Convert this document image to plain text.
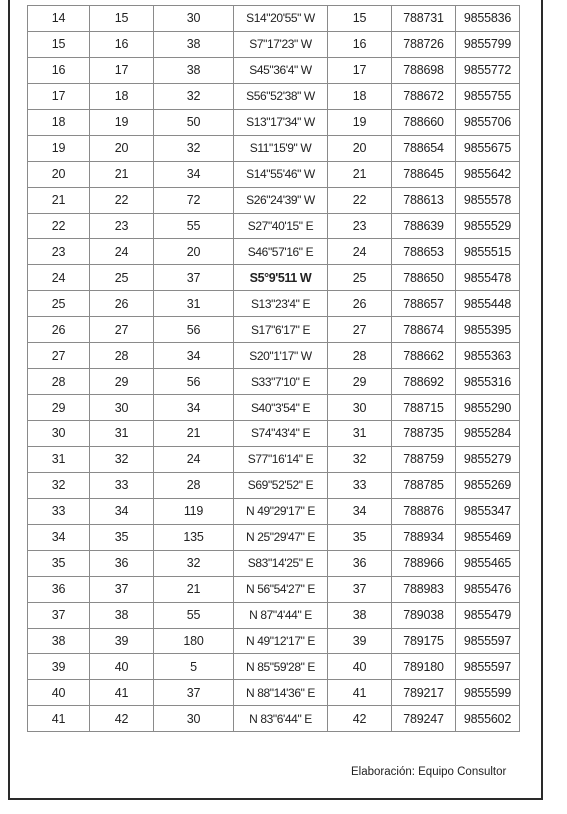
14	15	30	S14"20'55" W	15	788731	9855836
15	16	38	S7"17'23" W	16	788726	9855799
16	17	38	S45"36'4" W	17	788698	9855772
17	18	32	S56"52'38" W	18	788672	9855755
18	19	50	S13"17'34" W	19	788660	9855706
19	20	32	S11"15'9" W	20	788654	9855675
20	21	34	S14"55'46" W	21	788645	9855642
21	22	72	S26"24'39" W	22	788613	9855578
22	23	55	S27"40'15" E	23	788639	9855529
23	24	20	S46"57'16" E	24	788653	9855515
24	25	37	S5°9'511 W	25	788650	9855478
25	26	31	S13"23'4" E	26	788657	9855448
26	27	56	S17"6'17" E	27	788674	9855395
27	28	34	S20"1'17" W	28	788662	9855363
28	29	56	S33"7'10" E	29	788692	9855316
29	30	34	S40"3'54" E	30	788715	9855290
30	31	21	S74"43'4" E	31	788735	9855284
31	32	24	S77"16'14" E	32	788759	9855279
32	33	28	S69"52'52" E	33	788785	9855269
33	34	119	N 49"29'17" E	34	788876	9855347
34	35	135	N 25"29'47" E	35	788934	9855469
35	36	32	S83"14'25" E	36	788966	9855465
36	37	21	N 56"54'27" E	37	788983	9855476
37	38	55	N 87"4'44" E	38	789038	9855479
38	39	180	N 49"12'17" E	39	789175	9855597
39	40	5	N 85"59'28" E	40	789180	9855597
40	41	37	N 88"14'36" E	41	789217	9855599
41	42	30	N 83"6'44" E	42	789247	9855602
Elaboración: Equipo Consultor
